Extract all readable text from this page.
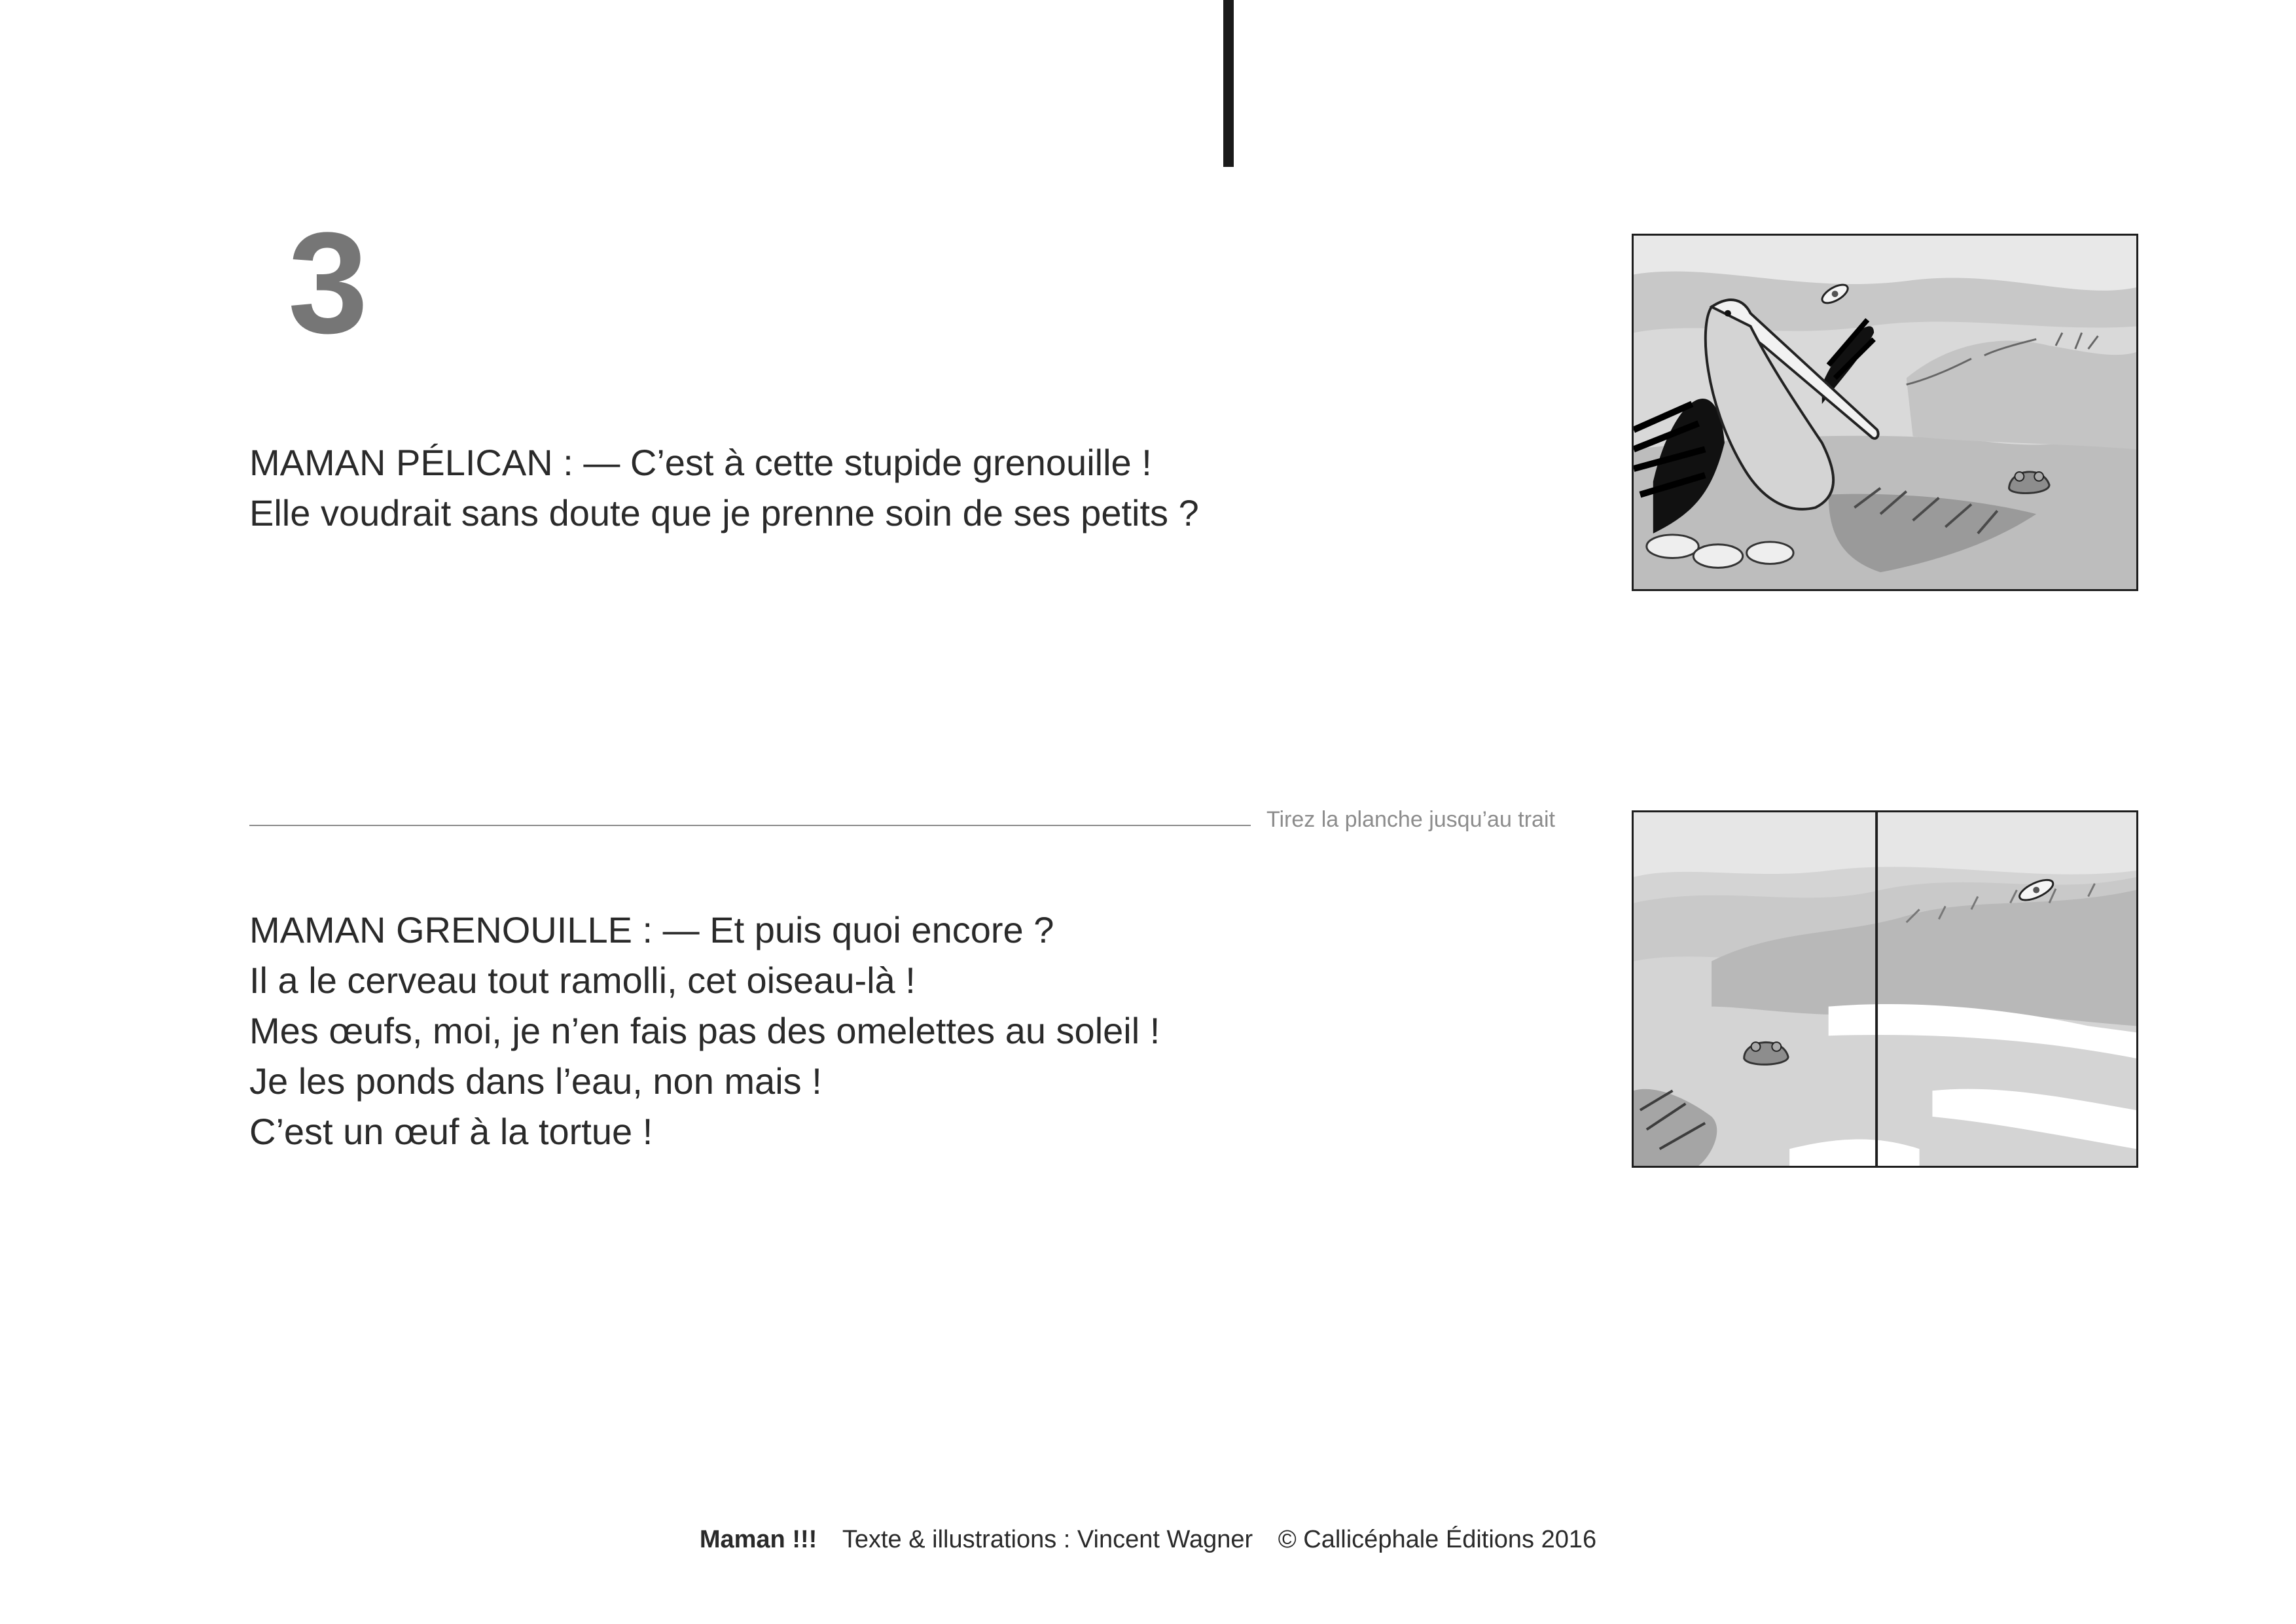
3
MAMAN PÉLICAN : — C’est à cette stupide grenouille !
Elle voudrait sans doute que je prenne soin de ses petits ?
Tirez la planche jusqu’au trait
MAMAN GRENOUILLE : — Et puis quoi encore ?
Il a le cerveau tout ramolli, cet oiseau-là !
Mes œufs, moi, je n’en fais pas des omelettes au soleil !
Je les ponds dans l’eau, non mais !
C’est un œuf à la tortue !
Maman !!! Texte & illustrations : Vincent Wagner © Callicéphale Éditions 2016
